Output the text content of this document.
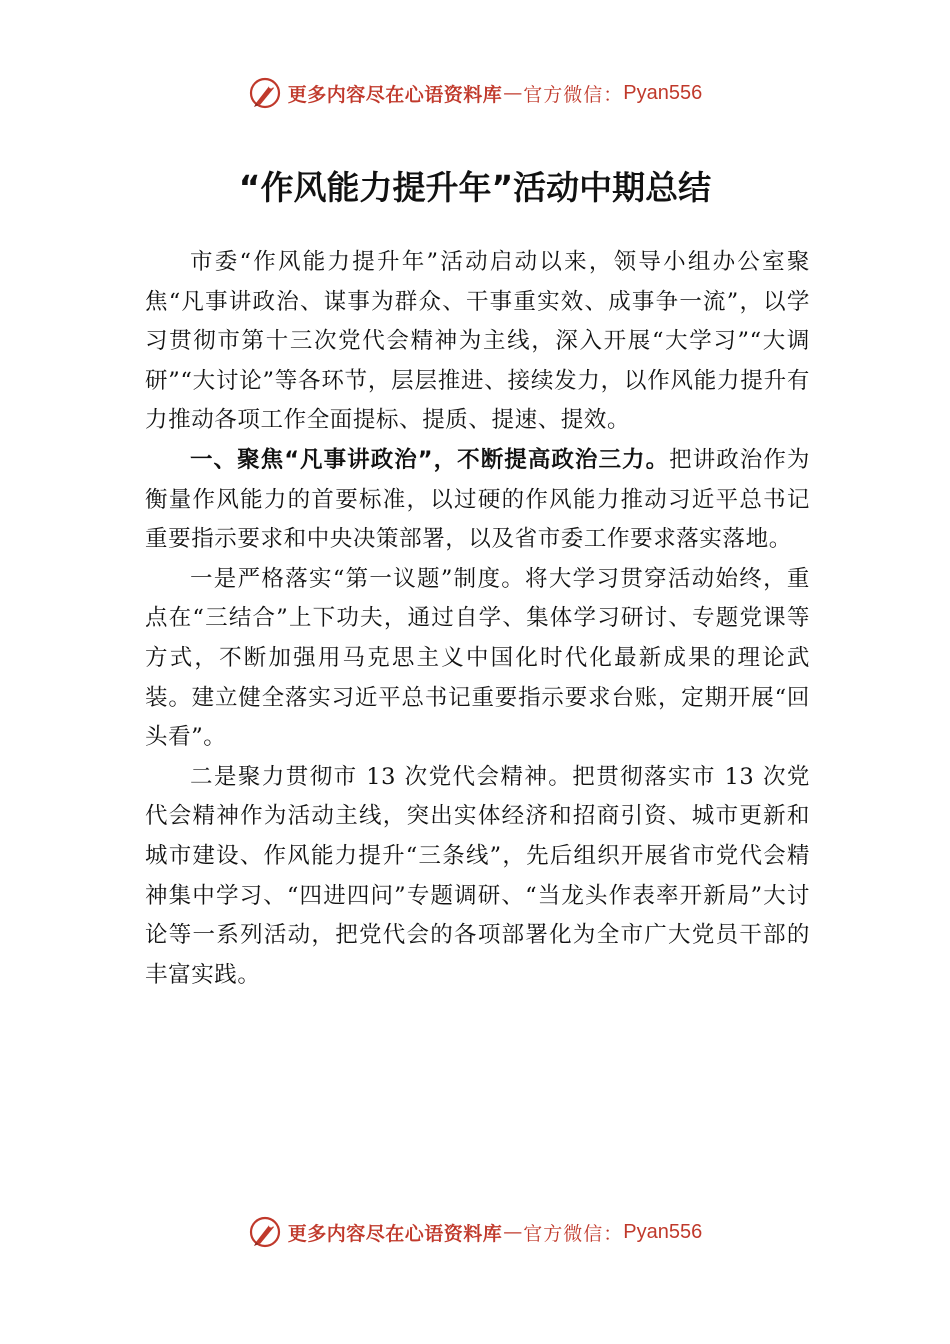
更多内容尽在心语资料库 — 官方微信： Pyan556
“作风能力提升年”活动中期总结

市委“作风能力提升年”活动启动以来，领导小组办公室聚焦“凡事讲政治、谋事为群众、干事重实效、成事争一流”，以学习贯彻市第十三次党代会精神为主线，深入开展“大学习”“大调研”“大讨论”等各环节，层层推进、接续发力，以作风能力提升有力推动各项工作全面提标、提质、提速、提效。

一、聚焦“凡事讲政治”，不断提高政治三力。把讲政治作为衡量作风能力的首要标准，以过硬的作风能力推动习近平总书记重要指示要求和中央决策部署，以及省市委工作要求落实落地。

一是严格落实“第一议题”制度。将大学习贯穿活动始终，重点在“三结合”上下功夫，通过自学、集体学习研讨、专题党课等方式，不断加强用马克思主义中国化时代化最新成果的理论武装。建立健全落实习近平总书记重要指示要求台账，定期开展“回头看”。

二是聚力贯彻市 13 次党代会精神。把贯彻落实市 13 次党代会精神作为活动主线，突出实体经济和招商引资、城市更新和城市建设、作风能力提升“三条线”，先后组织开展省市党代会精神集中学习、“四进四问”专题调研、“当龙头作表率开新局”大讨论等一系列活动，把党代会的各项部署化为全市广大党员干部的丰富实践。

更多内容尽在心语资料库 — 官方微信： Pyan556
